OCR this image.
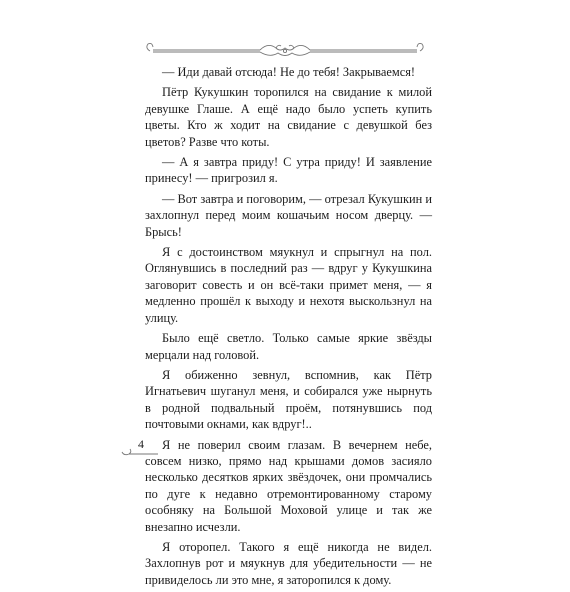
— Иди давай отсюда! Не до тебя! Закрываемся!

Пётр Кукушкин торопился на свидание к милой девушке Глаше. А ещё надо было успеть купить цветы. Кто ж ходит на свидание с девушкой без цветов? Разве что коты.

— А я завтра приду! С утра приду! И заявление принесу! — пригрозил я.

— Вот завтра и поговорим, — отрезал Кукушкин и захлопнул перед моим кошачьим носом дверцу. — Брысь!

Я с достоинством мяукнул и спрыгнул на пол. Оглянувшись в последний раз — вдруг у Кукушкина заговорит совесть и он всё-таки примет меня, — я медленно прошёл к выходу и нехотя выскользнул на улицу.

Было ещё светло. Только самые яркие звёзды мерцали над головой.

Я обиженно зевнул, вспомнив, как Пётр Игнатьевич шуганул меня, и собирался уже нырнуть в родной подвальный проём, потянувшись под почтовыми окнами, как вдруг!..

Я не поверил своим глазам. В вечернем небе, совсем низко, прямо над крышами домов засияло несколько десятков ярких звёздочек, они промчались по дуге к недавно отремонтированному старому особняку на Большой Моховой улице и так же внезапно исчезли.

Я оторопел. Такого я ещё никогда не видел. Захлопнув рот и мяукнув для убедительности — не привиделось ли это мне, я заторопился к дому.

4
